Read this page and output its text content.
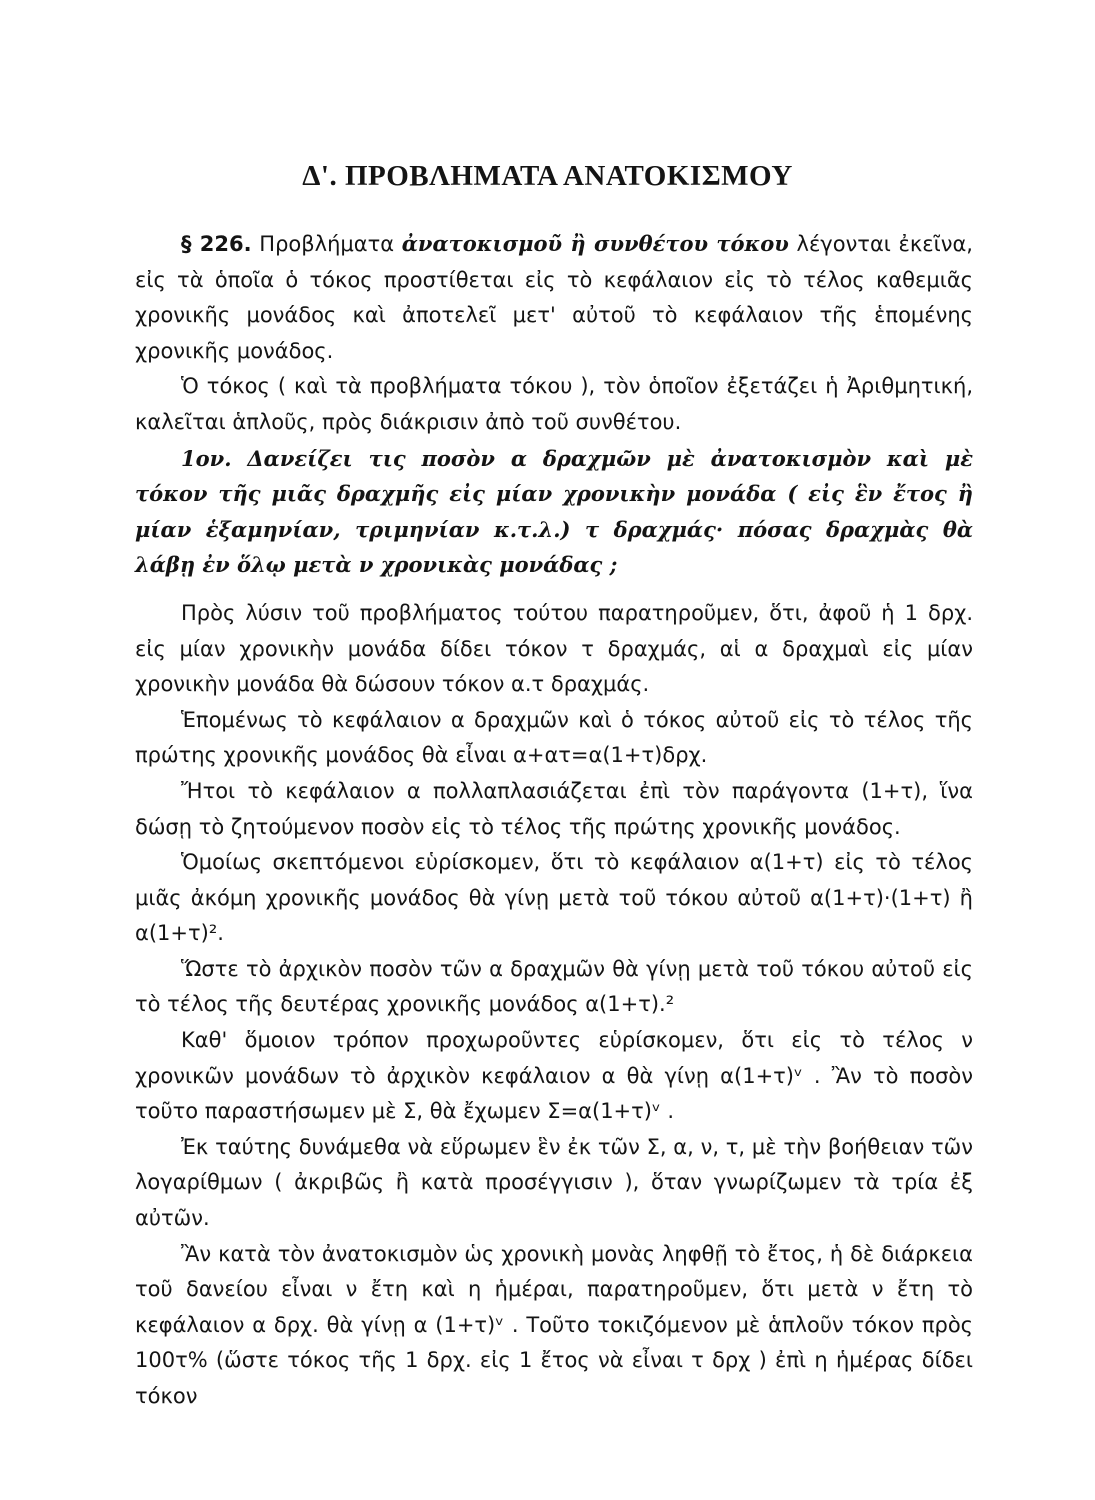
Δ'. ΠΡΟΒΛΗΜΑΤΑ ΑΝΑΤΟΚΙΣΜΟΥ

§ 226. Προβλήματα ἀνατοκισμοῦ ἢ συνθέτου τόκου λέγονται ἐκεῖνα, εἰς τὰ ὁποῖα ὁ τόκος προστίθεται εἰς τὸ κεφάλαιον εἰς τὸ τέλος καθεμιᾶς χρονικῆς μονάδος καὶ ἀποτελεῖ μετ' αὐτοῦ τὸ κεφάλαιον τῆς ἑπομένης χρονικῆς μονάδος.

Ὁ τόκος ( καὶ τὰ προβλήματα τόκου ), τὸν ὁποῖον ἐξετάζει ἡ Ἀριθμητική, καλεῖται ἁπλοῦς, πρὸς διάκρισιν ἀπὸ τοῦ συνθέτου.

1ον. Δανείζει τις ποσὸν α δραχμῶν μὲ ἀνατοκισμὸν καὶ μὲ τόκον τῆς μιᾶς δραχμῆς εἰς μίαν χρονικὴν μονάδα ( εἰς ἓν ἔτος ἢ μίαν ἑξαμηνίαν, τριμηνίαν κ.τ.λ.) τ δραχμάς· πόσας δραχμὰς θὰ λάβῃ ἐν ὅλῳ μετὰ ν χρονικὰς μονάδας ;

Πρὸς λύσιν τοῦ προβλήματος τούτου παρατηροῦμεν, ὅτι, ἀφοῦ ἡ 1 δρχ. εἰς μίαν χρονικὴν μονάδα δίδει τόκον τ δραχμάς, αἱ α δραχμαὶ εἰς μίαν χρονικὴν μονάδα θὰ δώσουν τόκον α.τ δραχμάς.

Ἑπομένως τὸ κεφάλαιον α δραχμῶν καὶ ὁ τόκος αὐτοῦ εἰς τὸ τέλος τῆς πρώτης χρονικῆς μονάδος θὰ εἶναι α+ατ=α(1+τ)δρχ.

Ἤτοι τὸ κεφάλαιον α πολλαπλασιάζεται ἐπὶ τὸν παράγοντα (1+τ), ἵνα δώσῃ τὸ ζητούμενον ποσὸν εἰς τὸ τέλος τῆς πρώτης χρονικῆς μονάδος.

Ὁμοίως σκεπτόμενοι εὑρίσκομεν, ὅτι τὸ κεφάλαιον α(1+τ) εἰς τὸ τέλος μιᾶς ἀκόμη χρονικῆς μονάδος θὰ γίνῃ μετὰ τοῦ τόκου αὐτοῦ α(1+τ)·(1+τ) ἢ α(1+τ)².

Ὥστε τὸ ἀρχικὸν ποσὸν τῶν α δραχμῶν θὰ γίνῃ μετὰ τοῦ τόκου αὐτοῦ εἰς τὸ τέλος τῆς δευτέρας χρονικῆς μονάδος α(1+τ).²

Καθ' ὅμοιον τρόπον προχωροῦντες εὑρίσκομεν, ὅτι εἰς τὸ τέλος ν χρονικῶν μονάδων τὸ ἀρχικὸν κεφάλαιον α θὰ γίνῃ α(1+τ)ᵛ . Ἂν τὸ ποσὸν τοῦτο παραστήσωμεν μὲ Σ, θὰ ἔχωμεν Σ=α(1+τ)ᵛ .

Ἐκ ταύτης δυνάμεθα νὰ εὕρωμεν ἓν ἐκ τῶν Σ, α, ν, τ, μὲ τὴν βοήθειαν τῶν λογαρίθμων ( ἀκριβῶς ἢ κατὰ προσέγγισιν ), ὅταν γνωρίζωμεν τὰ τρία ἐξ αὐτῶν.

Ἂν κατὰ τὸν ἀνατοκισμὸν ὡς χρονικὴ μονὰς ληφθῇ τὸ ἔτος, ἡ δὲ διάρκεια τοῦ δανείου εἶναι ν ἔτη καὶ η ἡμέραι, παρατηροῦμεν, ὅτι μετὰ ν ἔτη τὸ κεφάλαιον α δρχ. θὰ γίνῃ α (1+τ)ᵛ . Τοῦτο τοκιζόμενον μὲ ἁπλοῦν τόκον πρὸς 100τ% (ὥστε τόκος τῆς 1 δρχ. εἰς 1 ἔτος νὰ εἶναι τ δρχ ) ἐπὶ η ἡμέρας δίδει τόκον
